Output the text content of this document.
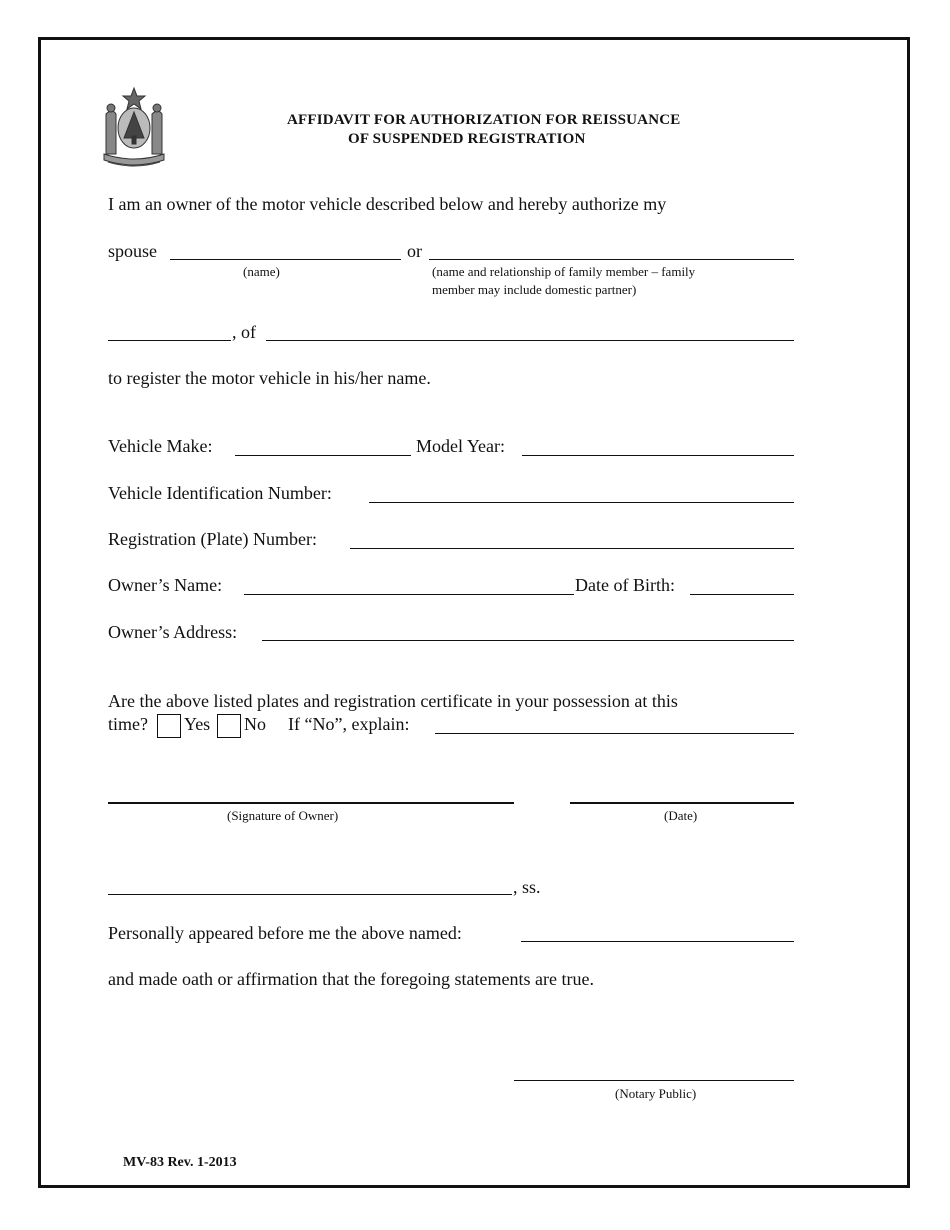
AFFIDAVIT FOR AUTHORIZATION FOR REISSUANCE
OF SUSPENDED REGISTRATION
I am an owner of the motor vehicle described below and hereby authorize my
spouse	or
(name)	(name and relationship of family member – family
member may include domestic partner)
, of
to register the motor vehicle in his/her name.
Vehicle Make:	Model Year:
Vehicle Identification Number:
Registration (Plate) Number:
Owner’s Name:	Date of Birth:
Owner’s Address:
Are the above listed plates and registration certificate in your possession at this
time? Yes No If “No”, explain:
(Signature of Owner)	(Date)
, ss.
Personally appeared before me the above named:
and made oath or affirmation that the foregoing statements are true.
(Notary Public)
MV-83 Rev. 1-2013
